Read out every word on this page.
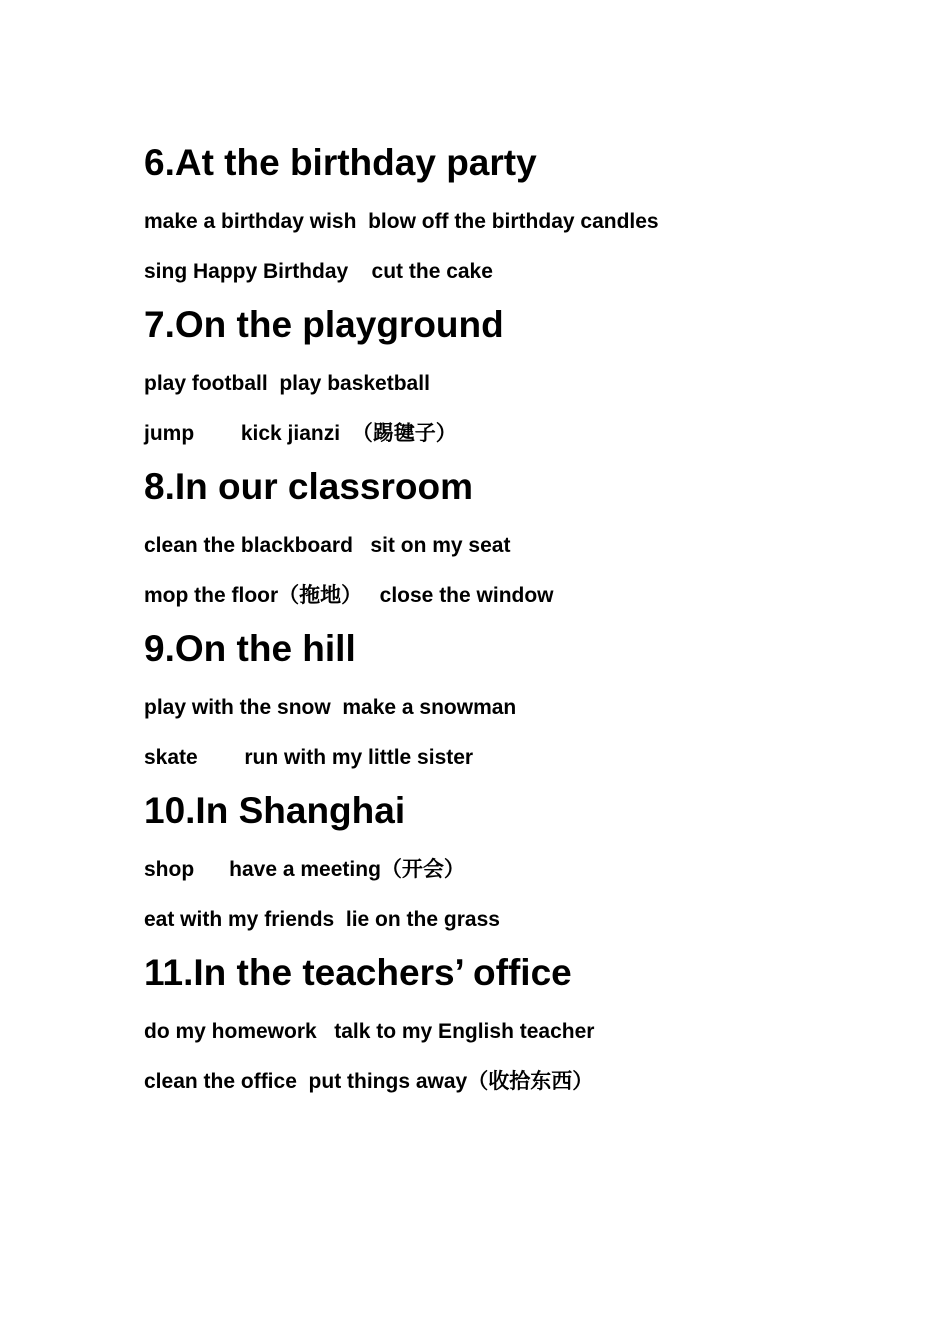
6.At the birthday party

make a birthday wish  blow off the birthday candles

sing Happy Birthday    cut the cake

7.On the playground

play football  play basketball

jump        kick jianzi  （踢毽子）

8.In our classroom

clean the blackboard   sit on my seat

mop the floor（拖地）   close the window

9.On the hill

play with the snow  make a snowman

skate        run with my little sister

10.In Shanghai

shop      have a meeting（开会）

eat with my friends  lie on the grass

11.In the teachers’ office

do my homework   talk to my English teacher

clean the office  put things away（收拾东西）
